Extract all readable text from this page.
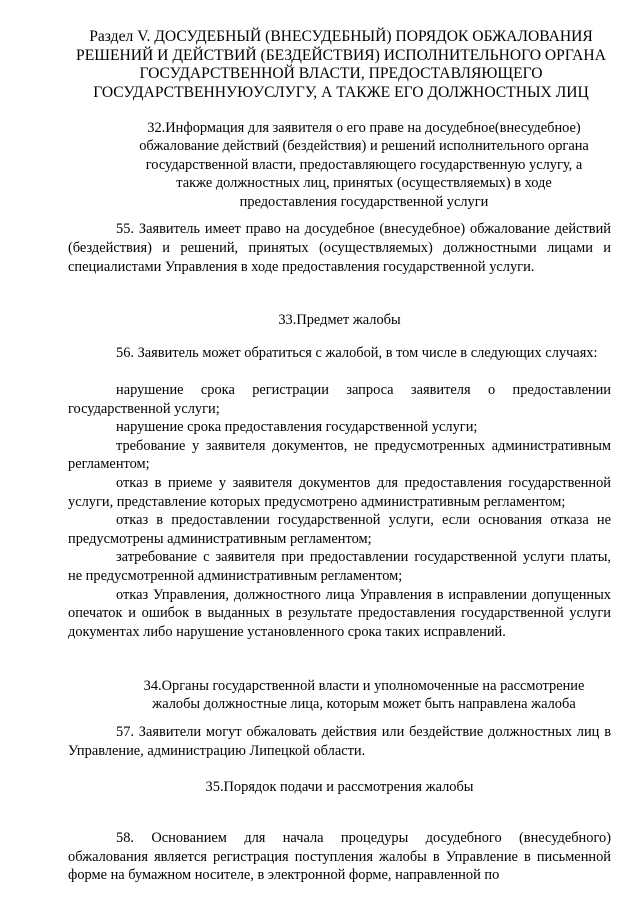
Раздел V. ДОСУДЕБНЫЙ (ВНЕСУДЕБНЫЙ) ПОРЯДОК ОБЖАЛОВАНИЯ РЕШЕНИЙ И ДЕЙСТВИЙ (БЕЗДЕЙСТВИЯ) ИСПОЛНИТЕЛЬНОГО ОРГАНА ГОСУДАРСТВЕННОЙ ВЛАСТИ, ПРЕДОСТАВЛЯЮЩЕГО ГОСУДАРСТВЕННУЮУСЛУГУ, А ТАКЖЕ ЕГО ДОЛЖНОСТНЫХ ЛИЦ
32.Информация для заявителя о его праве на досудебное(внесудебное) обжалование действий (бездействия) и решений исполнительного органа государственной власти, предоставляющего государственную услугу, а также должностных лиц, принятых (осуществляемых) в ходе предоставления государственной услуги

55. Заявитель имеет право на досудебное (внесудебное) обжалование действий (бездействия) и решений, принятых (осуществляемых) должностными лицами и специалистами Управления в ходе предоставления государственной услуги.

33.Предмет жалобы

56. Заявитель может обратиться с жалобой, в том числе в следующих случаях:

нарушение срока регистрации запроса заявителя о предоставлении государственной услуги;
нарушение срока предоставления государственной услуги;
требование у заявителя документов, не предусмотренных административным регламентом;
отказ в приеме у заявителя документов для предоставления государственной услуги, представление которых предусмотрено административным регламентом;
отказ в предоставлении государственной услуги, если основания отказа не предусмотрены административным регламентом;
затребование с заявителя при предоставлении государственной услуги платы, не предусмотренной административным регламентом;
отказ Управления, должностного лица Управления в исправлении допущенных опечаток и ошибок в выданных в результате предоставления государственной услуги документах либо нарушение установленного срока таких исправлений.
34.Органы государственной власти и уполномоченные на рассмотрение жалобы должностные лица, которым может быть направлена жалоба

57. Заявители могут обжаловать действия или бездействие должностных лиц в Управление, администрацию Липецкой области.

35.Порядок подачи и рассмотрения жалобы

58. Основанием для начала процедуры досудебного (внесудебного) обжалования является регистрация поступления жалобы в Управление в письменной форме на бумажном носителе, в электронной форме, направленной по
